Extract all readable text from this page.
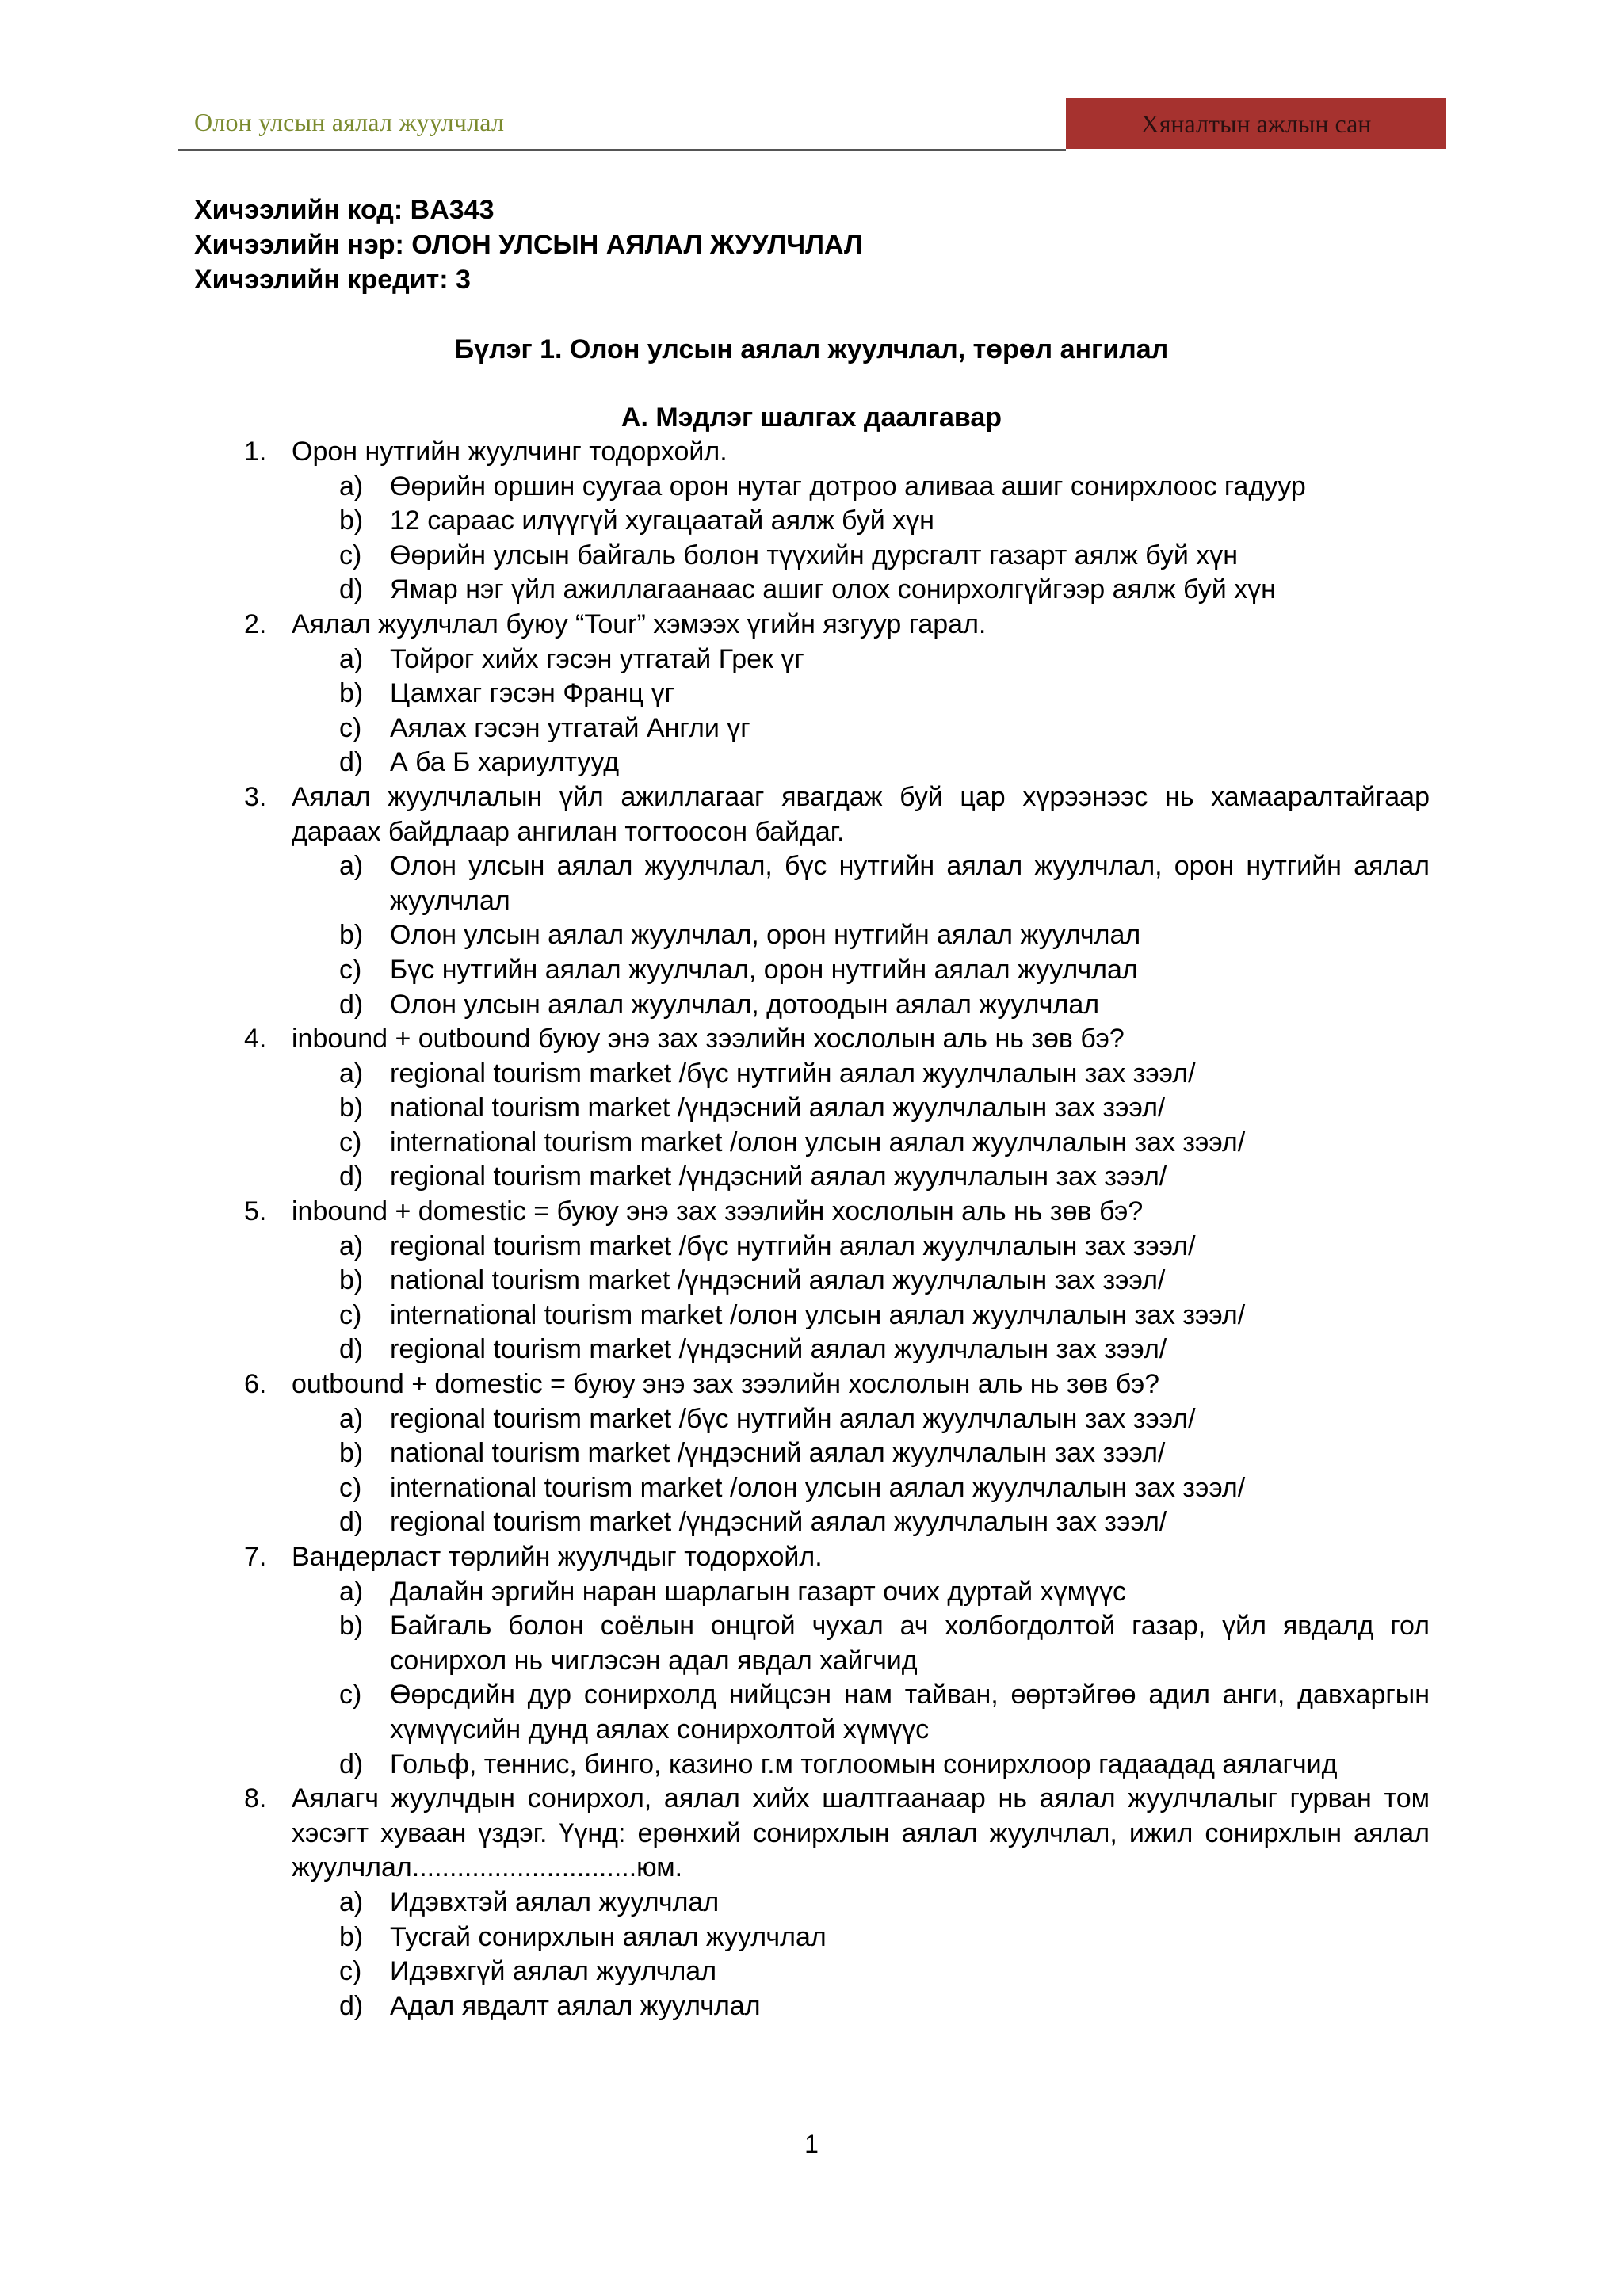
Олон улсын аялал жуулчлал	Хяналтын ажлын сан
Хичээлийн код: BA343
Хичээлийн нэр: ОЛОН УЛСЫН АЯЛАЛ ЖУУЛЧЛАЛ
Хичээлийн кредит: 3
Бүлэг 1. Олон улсын аялал жуулчлал, төрөл ангилал
А. Мэдлэг шалгах даалгавар
1. Орон нутгийн жуулчинг тодорхойл.
a) Өөрийн оршин суугаа орон нутаг дотроо аливаа ашиг сонирхлоос гадуур
b) 12 сараас илүүгүй хугацаатай аялж буй хүн
c) Өөрийн улсын байгаль болон түүхийн дурсгалт газарт аялж буй хүн
d) Ямар нэг үйл ажиллагаанаас ашиг олох сонирхолгүйгээр аялж буй хүн
2. Аялал жуулчлал буюу “Tour” хэмээх үгийн язгуур гарал.
a) Тойрог хийх гэсэн утгатай Грек үг
b) Цамхаг гэсэн Франц үг
c) Аялах гэсэн утгатай Англи үг
d) А ба Б хариултууд
3. Аялал жуулчлалын үйл ажиллагааг явагдаж буй цар хүрээнээс нь хамааралтайгаар дараах байдлаар ангилан тогтоосон байдаг.
a) Олон улсын аялал жуулчлал, бүс нутгийн аялал жуулчлал, орон нутгийн аялал жуулчлал
b) Олон улсын аялал жуулчлал, орон нутгийн аялал жуулчлал
c) Бүс нутгийн аялал жуулчлал, орон нутгийн аялал жуулчлал
d) Олон улсын аялал жуулчлал, дотоодын аялал жуулчлал
4. inbound + outbound буюу энэ зах зээлийн хослолын аль нь зөв бэ?
a) regional tourism market /бүс нутгийн аялал жуулчлалын зах зээл/
b) national tourism market /үндэсний аялал жуулчлалын зах зээл/
c) international tourism market /олон улсын аялал жуулчлалын зах зээл/
d) regional tourism market /үндэсний аялал жуулчлалын зах зээл/
5. inbound + domestic = буюу энэ зах зээлийн хослолын аль нь зөв бэ?
a) regional tourism market /бүс нутгийн аялал жуулчлалын зах зээл/
b) national tourism market /үндэсний аялал жуулчлалын зах зээл/
c) international tourism market /олон улсын аялал жуулчлалын зах зээл/
d) regional tourism market /үндэсний аялал жуулчлалын зах зээл/
6. outbound + domestic = буюу энэ зах зээлийн хослолын аль нь зөв бэ?
a) regional tourism market /бүс нутгийн аялал жуулчлалын зах зээл/
b) national tourism market /үндэсний аялал жуулчлалын зах зээл/
c) international tourism market /олон улсын аялал жуулчлалын зах зээл/
d) regional tourism market /үндэсний аялал жуулчлалын зах зээл/
7. Вандерласт төрлийн жуулчдыг тодорхойл.
a) Далайн эргийн наран шарлагын газарт очих дуртай хүмүүс
b) Байгаль болон соёлын онцгой чухал ач холбогдолтой газар, үйл явдалд гол сонирхол нь чиглэсэн адал явдал хайгчид
c) Өөрсдийн дур сонирхолд нийцсэн нам тайван, өөртэйгөө адил анги, давхаргын хүмүүсийн дунд аялах сонирхолтой хүмүүс
d) Гольф, теннис, бинго, казино г.м тоглоомын сонирхлоор гадаадад аялагчид
8. Аялагч жуулчдын сонирхол, аялал хийх шалтгаанаар нь аялал жуулчлалыг гурван том хэсэгт хуваан үздэг. Үүнд: ерөнхий сонирхлын аялал жуулчлал, ижил сонирхлын аялал жуулчлал..............................юм.
a) Идэвхтэй аялал жуулчлал
b) Тусгай сонирхлын аялал жуулчлал
c) Идэвхгүй аялал жуулчлал
d) Адал явдалт аялал жуулчлал
1
